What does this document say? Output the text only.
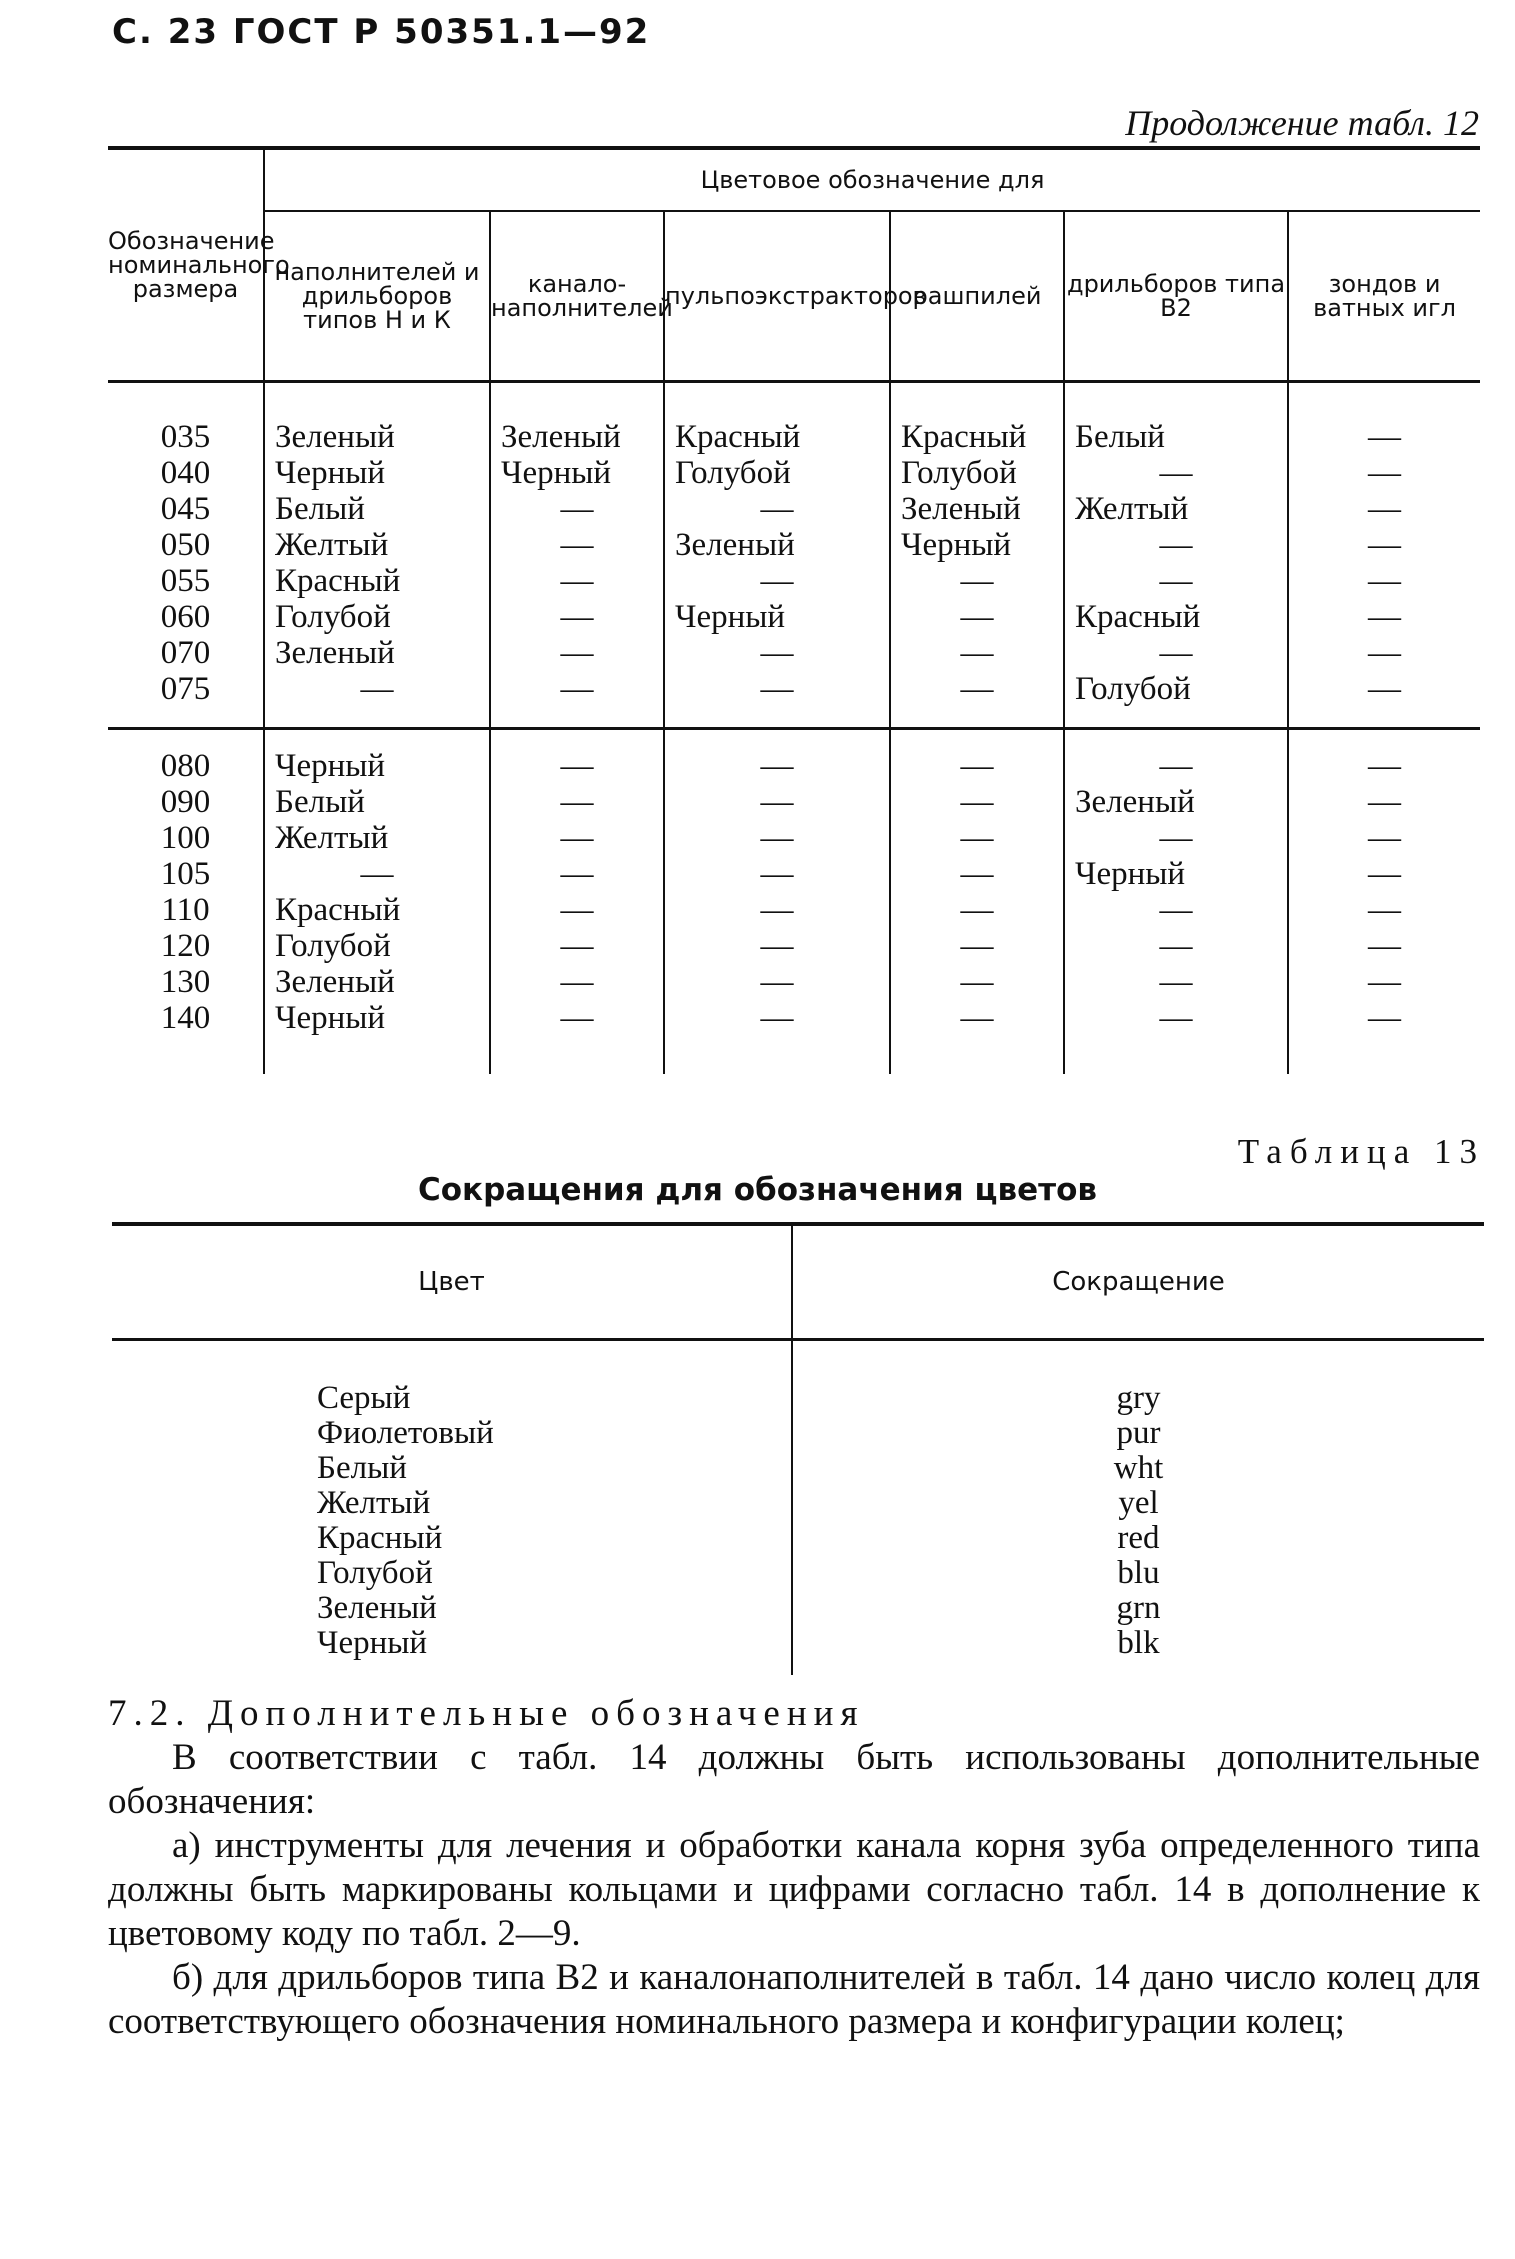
С. 23 ГОСТ Р 50351.1—92
Продолжение табл. 12
Обозначение номинального размера	Цветовое обозначение для					
	наполнителей и дрильборов типов Н и К	канало-наполнителей	пульпоэкстракторов	рашпилей	дрильборов типа В2	зондов и ватных игл
035	Зеленый	Зеленый	Красный	Красный	Белый	—
040	Черный	Черный	Голубой	Голубой	—	—
045	Белый	—	—	Зеленый	Желтый	—
050	Желтый	—	Зеленый	Черный	—	—
055	Красный	—	—	—	—	—
060	Голубой	—	Черный	—	Красный	—
070	Зеленый	—	—	—	—	—
075	—	—	—	—	Голубой	—
080	Черный	—	—	—	—	—
090	Белый	—	—	—	Зеленый	—
100	Желтый	—	—	—	—	—
105	—	—	—	—	Черный	—
110	Красный	—	—	—	—	—
120	Голубой	—	—	—	—	—
130	Зеленый	—	—	—	—	—
140	Черный	—	—	—	—	—
Таблица 13
Сокращения для обозначения цветов
Цвет	Сокращение
Серый	gry
Фиолетовый	pur
Белый	wht
Желтый	yel
Красный	red
Голубой	blu
Зеленый	grn
Черный	blk
7.2. Дополнительные обозначения
В соответствии с табл. 14 должны быть использованы дополнительные обозначения:
а) инструменты для лечения и обработки канала корня зуба определенного типа должны быть маркированы кольцами и цифрами согласно табл. 14 в дополнение к цветовому коду по табл. 2—9.
б) для дрильборов типа В2 и каналонаполнителей в табл. 14 дано число колец для соответствующего обозначения номинального размера и конфигурации колец;
